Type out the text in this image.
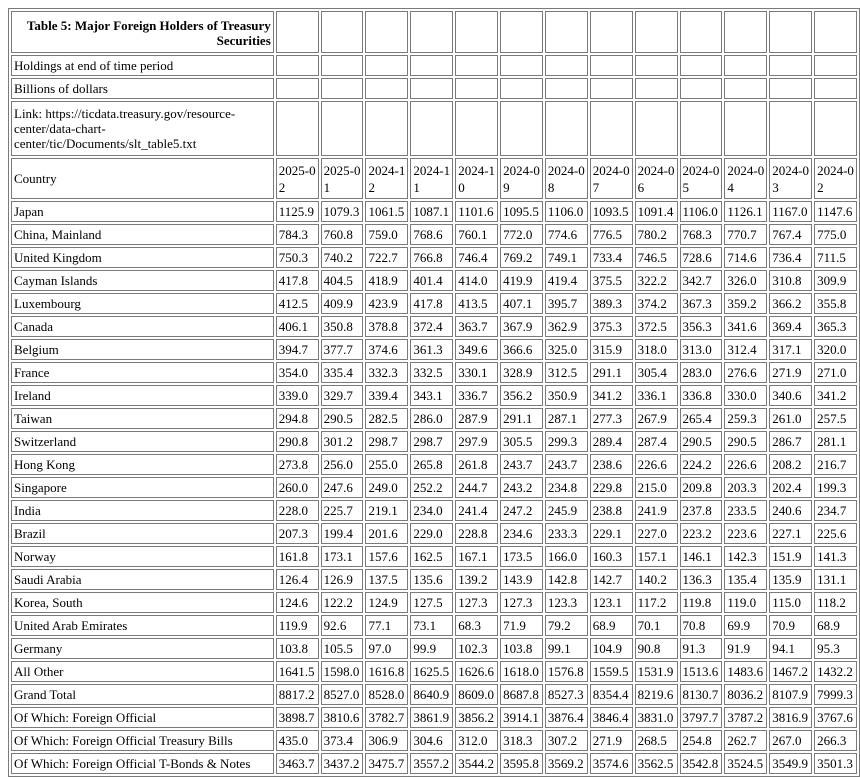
Table 5: Major Foreign Holders of Treasury Securities													
Holdings at end of time period													
Billions of dollars													
Link: https://ticdata.treasury.gov/resource-center/data-chart-center/tic/Documents/slt_table5.txt													
Country	2025-02	2025-01	2024-12	2024-11	2024-10	2024-09	2024-08	2024-07	2024-06	2024-05	2024-04	2024-03	2024-02
Japan	1125.9	1079.3	1061.5	1087.1	1101.6	1095.5	1106.0	1093.5	1091.4	1106.0	1126.1	1167.0	1147.6
China, Mainland	784.3	760.8	759.0	768.6	760.1	772.0	774.6	776.5	780.2	768.3	770.7	767.4	775.0
United Kingdom	750.3	740.2	722.7	766.8	746.4	769.2	749.1	733.4	746.5	728.6	714.6	736.4	711.5
Cayman Islands	417.8	404.5	418.9	401.4	414.0	419.9	419.4	375.5	322.2	342.7	326.0	310.8	309.9
Luxembourg	412.5	409.9	423.9	417.8	413.5	407.1	395.7	389.3	374.2	367.3	359.2	366.2	355.8
Canada	406.1	350.8	378.8	372.4	363.7	367.9	362.9	375.3	372.5	356.3	341.6	369.4	365.3
Belgium	394.7	377.7	374.6	361.3	349.6	366.6	325.0	315.9	318.0	313.0	312.4	317.1	320.0
France	354.0	335.4	332.3	332.5	330.1	328.9	312.5	291.1	305.4	283.0	276.6	271.9	271.0
Ireland	339.0	329.7	339.4	343.1	336.7	356.2	350.9	341.2	336.1	336.8	330.0	340.6	341.2
Taiwan	294.8	290.5	282.5	286.0	287.9	291.1	287.1	277.3	267.9	265.4	259.3	261.0	257.5
Switzerland	290.8	301.2	298.7	298.7	297.9	305.5	299.3	289.4	287.4	290.5	290.5	286.7	281.1
Hong Kong	273.8	256.0	255.0	265.8	261.8	243.7	243.7	238.6	226.6	224.2	226.6	208.2	216.7
Singapore	260.0	247.6	249.0	252.2	244.7	243.2	234.8	229.8	215.0	209.8	203.3	202.4	199.3
India	228.0	225.7	219.1	234.0	241.4	247.2	245.9	238.8	241.9	237.8	233.5	240.6	234.7
Brazil	207.3	199.4	201.6	229.0	228.8	234.6	233.3	229.1	227.0	223.2	223.6	227.1	225.6
Norway	161.8	173.1	157.6	162.5	167.1	173.5	166.0	160.3	157.1	146.1	142.3	151.9	141.3
Saudi Arabia	126.4	126.9	137.5	135.6	139.2	143.9	142.8	142.7	140.2	136.3	135.4	135.9	131.1
Korea, South	124.6	122.2	124.9	127.5	127.3	127.3	123.3	123.1	117.2	119.8	119.0	115.0	118.2
United Arab Emirates	119.9	92.6	77.1	73.1	68.3	71.9	79.2	68.9	70.1	70.8	69.9	70.9	68.9
Germany	103.8	105.5	97.0	99.9	102.3	103.8	99.1	104.9	90.8	91.3	91.9	94.1	95.3
All Other	1641.5	1598.0	1616.8	1625.5	1626.6	1618.0	1576.8	1559.5	1531.9	1513.6	1483.6	1467.2	1432.2
Grand Total	8817.2	8527.0	8528.0	8640.9	8609.0	8687.8	8527.3	8354.4	8219.6	8130.7	8036.2	8107.9	7999.3
Of Which: Foreign Official	3898.7	3810.6	3782.7	3861.9	3856.2	3914.1	3876.4	3846.4	3831.0	3797.7	3787.2	3816.9	3767.6
Of Which: Foreign Official Treasury Bills	435.0	373.4	306.9	304.6	312.0	318.3	307.2	271.9	268.5	254.8	262.7	267.0	266.3
Of Which: Foreign Official T-Bonds & Notes	3463.7	3437.2	3475.7	3557.2	3544.2	3595.8	3569.2	3574.6	3562.5	3542.8	3524.5	3549.9	3501.3
